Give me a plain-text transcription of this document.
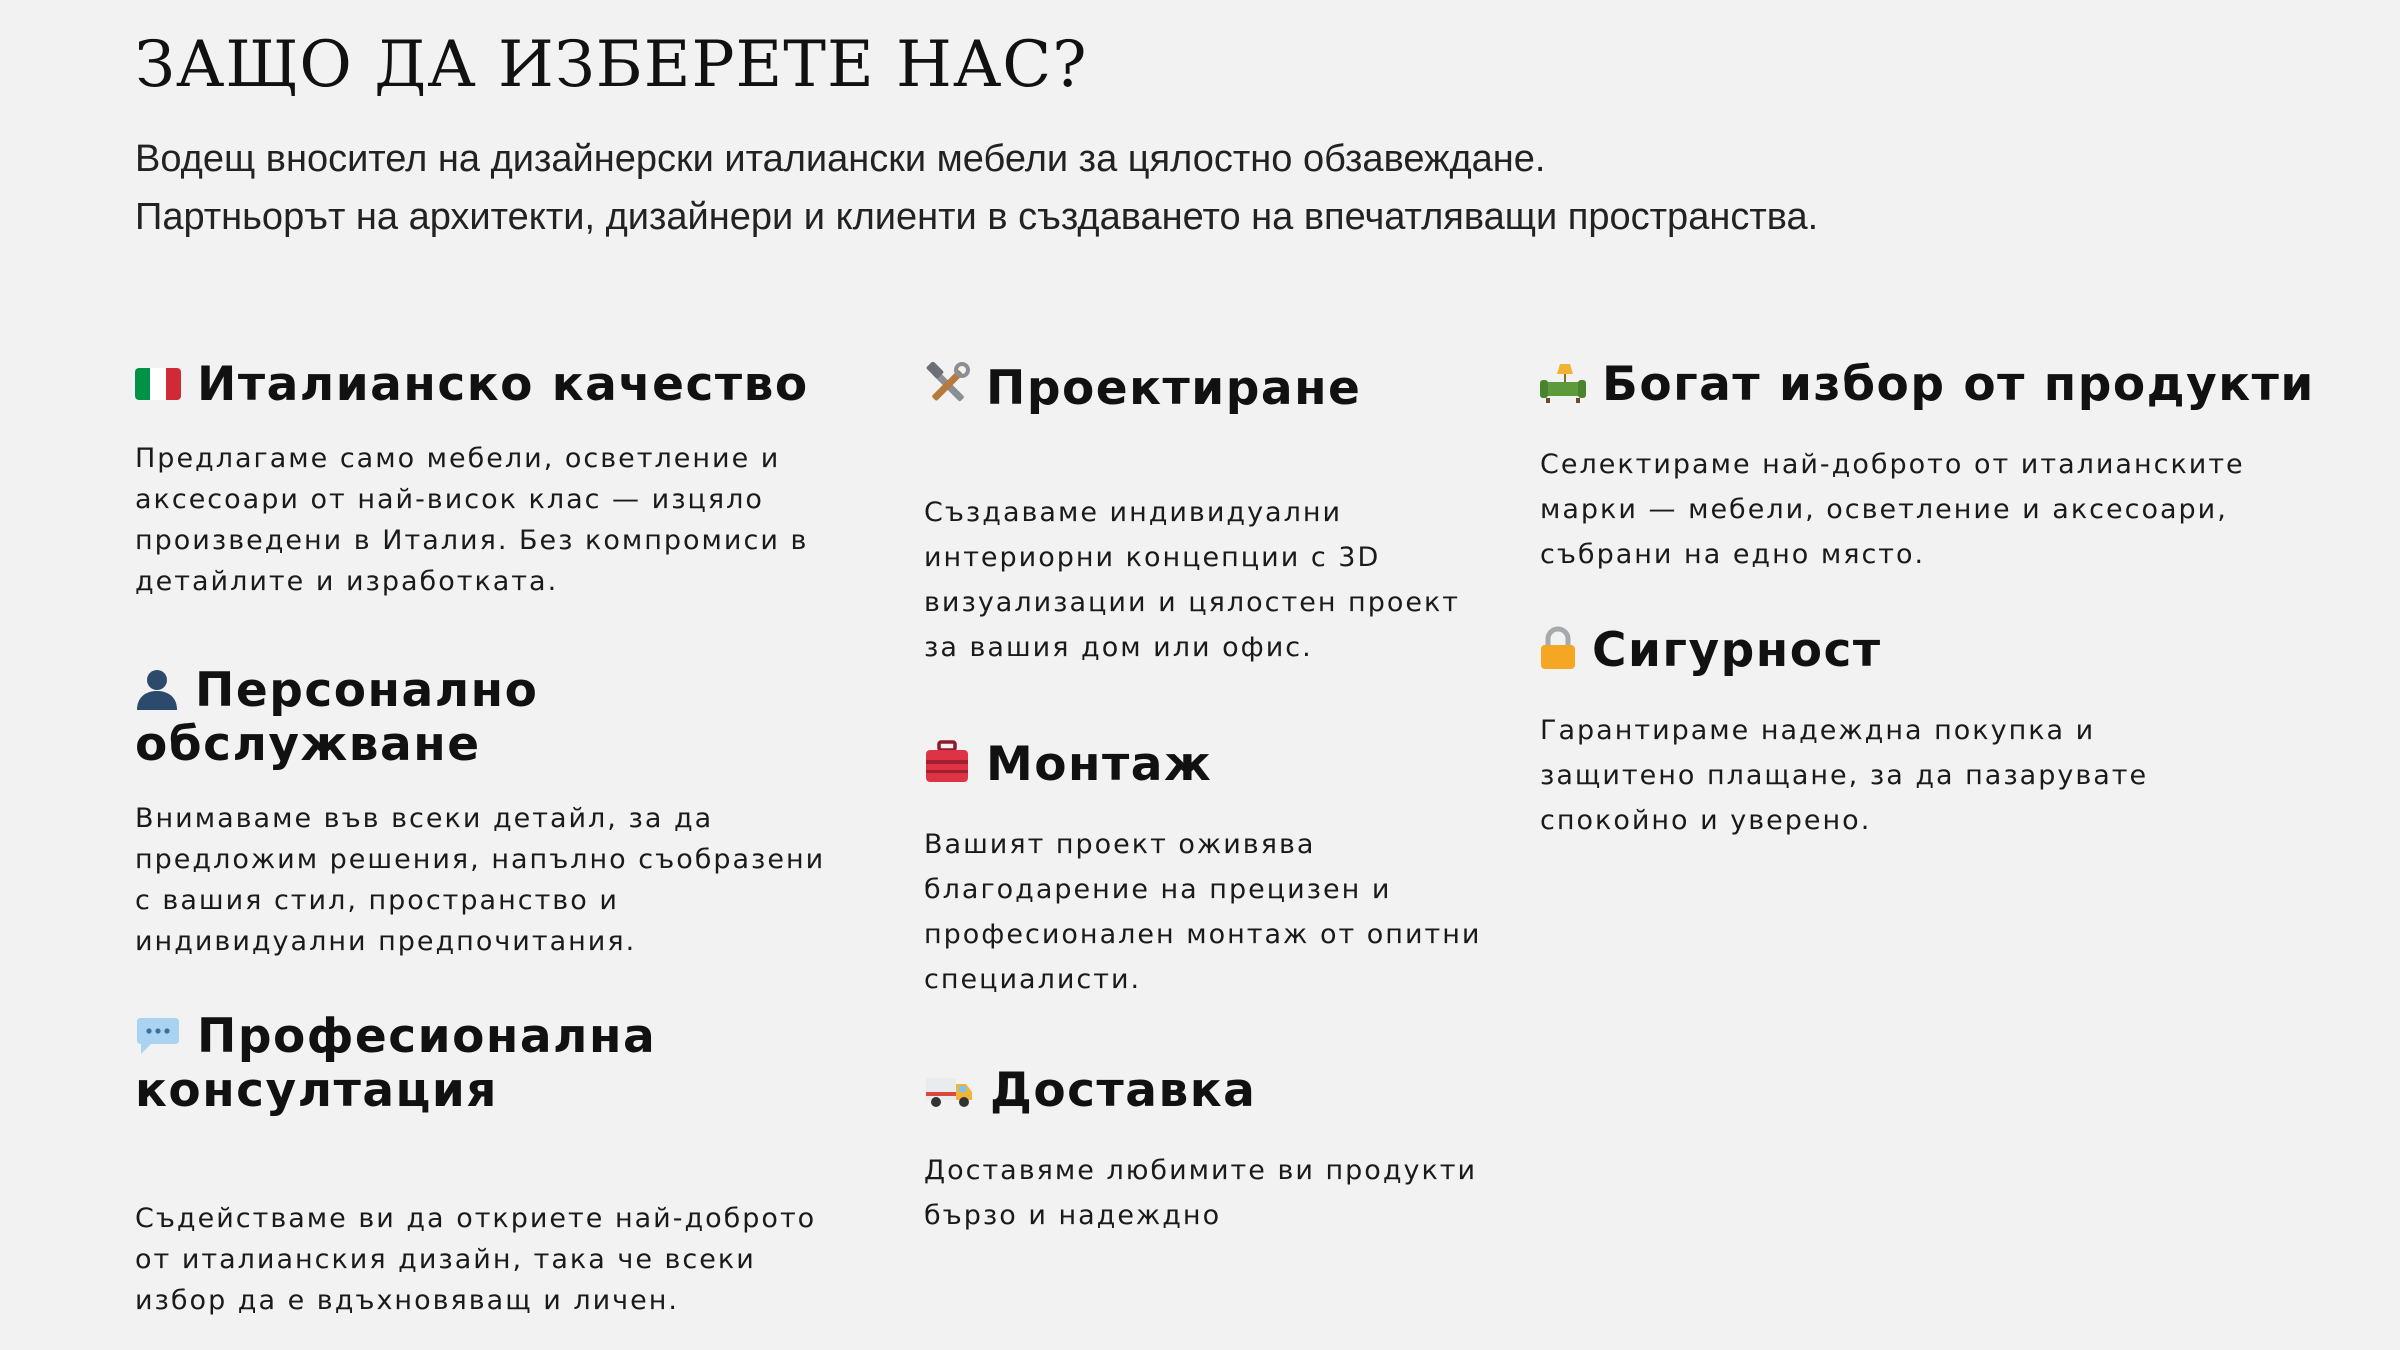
ЗАЩО ДА ИЗБЕРЕТЕ НАС?
Водещ вносител на дизайнерски италиански мебели за цялостно обзавеждане.
Партньорът на архитекти, дизайнери и клиенти в създаването на впечатляващи пространства.
Италианско качество

Предлагаме само мебели, осветление и аксесоари от най-висок клас — изцяло произведени в Италия. Без компромиси в детайлите и изработката.

Персонално обслужване

Внимаваме във всеки детайл, за да предложим решения, напълно съобразени с вашия стил, пространство и индивидуални предпочитания.

Професионална консултация

Съдействаме ви да откриете най-доброто от италианския дизайн, така че всеки избор да е вдъхновяващ и личен.

Проектиране

Създаваме индивидуални интериорни концепции с 3D визуализации и цялостен проект за вашия дом или офис.

Монтаж

Вашият проект оживява благодарение на прецизен и професионален монтаж от опитни специалисти.

Доставка

Доставяме любимите ви продукти бързо и надеждно

Богат избор от продукти

Селектираме най-доброто от италианските марки — мебели, осветление и аксесоари, събрани на едно място.

Сигурност

Гарантираме надеждна покупка и защитено плащане, за да пазарувате спокойно и уверено.
